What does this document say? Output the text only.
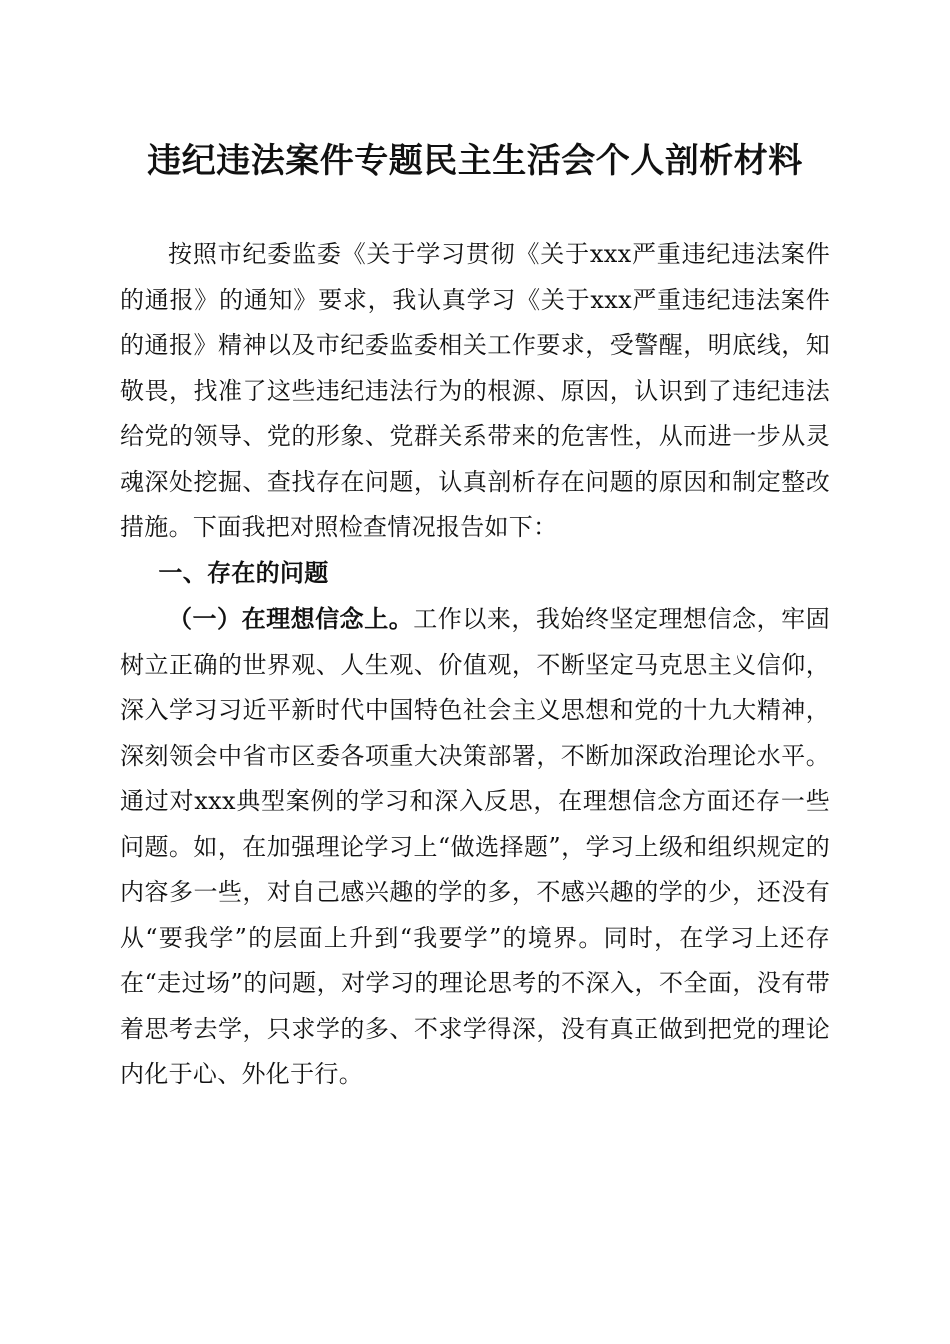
违纪违法案件专题民主生活会个人剖析材料

按照市纪委监委《关于学习贯彻《关于xxx严重违纪违法案件的通报》的通知》要求，我认真学习《关于xxx严重违纪违法案件的通报》精神以及市纪委监委相关工作要求，受警醒，明底线，知敬畏，找准了这些违纪违法行为的根源、原因，认识到了违纪违法给党的领导、党的形象、党群关系带来的危害性，从而进一步从灵魂深处挖掘、查找存在问题，认真剖析存在问题的原因和制定整改措施。下面我把对照检查情况报告如下：

一、存在的问题

（一）在理想信念上。工作以来，我始终坚定理想信念，牢固树立正确的世界观、人生观、价值观，不断坚定马克思主义信仰，深入学习习近平新时代中国特色社会主义思想和党的十九大精神，深刻领会中省市区委各项重大决策部署，不断加深政治理论水平。通过对xxx典型案例的学习和深入反思，在理想信念方面还存一些问题。如，在加强理论学习上“做选择题”，学习上级和组织规定的内容多一些，对自己感兴趣的学的多，不感兴趣的学的少，还没有从“要我学”的层面上升到“我要学”的境界。同时，在学习上还存在“走过场”的问题，对学习的理论思考的不深入，不全面，没有带着思考去学，只求学的多、不求学得深，没有真正做到把党的理论内化于心、外化于行。
